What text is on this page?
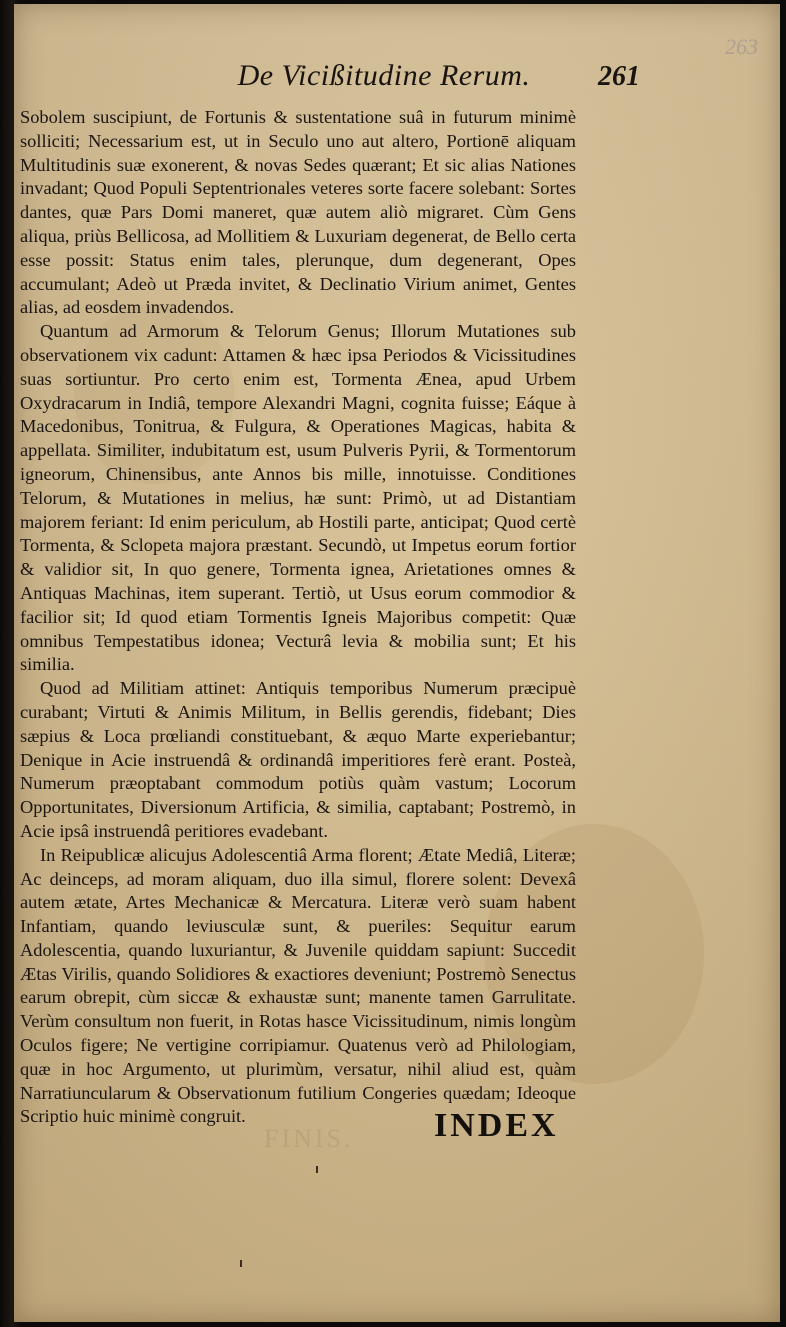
De Vicißitudine Rerum.	261
263

Sobolem suscipiunt, de Fortunis & sustentatione suâ in futurum minimè solliciti; Necessarium est, ut in Seculo uno aut altero, Portionē aliquam Multitudinis suæ exonerent, & novas Sedes quærant; Et sic alias Nationes invadant; Quod Populi Septentrionales veteres sorte facere solebant: Sortes dantes, quæ Pars Domi maneret, quæ autem aliò migraret. Cùm Gens aliqua, priùs Bellicosa, ad Mollitiem & Luxuriam degenerat, de Bello certa esse possit: Status enim tales, plerunque, dum degenerant, Opes accumulant; Adeò ut Præda invitet, & Declinatio Virium animet, Gentes alias, ad eosdem invadendos.

Quantum ad Armorum & Telorum Genus; Illorum Mutationes sub observationem vix cadunt: Attamen & hæc ipsa Periodos & Vicissitudines suas sortiuntur. Pro certo enim est, Tormenta Ænea, apud Urbem Oxydracarum in Indiâ, tempore Alexandri Magni, cognita fuisse; Eáque à Macedonibus, Tonitrua, & Fulgura, & Operationes Magicas, habita & appellata. Similiter, indubitatum est, usum Pulveris Pyrii, & Tormentorum igneorum, Chinensibus, ante Annos bis mille, innotuisse. Conditiones Telorum, & Mutationes in melius, hæ sunt: Primò, ut ad Distantiam majorem feriant: Id enim periculum, ab Hostili parte, anticipat; Quod certè Tormenta, & Sclopeta majora præstant. Secundò, ut Impetus eorum fortior & validior sit, In quo genere, Tormenta ignea, Arietationes omnes & Antiquas Machinas, item superant. Tertiò, ut Usus eorum commodior & facilior sit; Id quod etiam Tormentis Igneis Majoribus competit: Quæ omnibus Tempestatibus idonea; Vecturâ levia & mobilia sunt; Et his similia.

Quod ad Militiam attinet: Antiquis temporibus Numerum præcipuè curabant; Virtuti & Animis Militum, in Bellis gerendis, fidebant; Dies sæpius & Loca prœliandi constituebant, & æquo Marte experiebantur; Denique in Acie instruendâ & ordinandâ imperitiores ferè erant. Posteà, Numerum præoptabant commodum potiùs quàm vastum; Locorum Opportunitates, Diversionum Artificia, & similia, captabant; Postremò, in Acie ipsâ instruendâ peritiores evadebant.

In Reipublicæ alicujus Adolescentiâ Arma florent; Ætate Mediâ, Literæ; Ac deinceps, ad moram aliquam, duo illa simul, florere solent: Devexâ autem ætate, Artes Mechanicæ & Mercatura. Literæ verò suam habent Infantiam, quando leviusculæ sunt, & pueriles: Sequitur earum Adolescentia, quando luxuriantur, & Juvenile quiddam sapiunt: Succedit Ætas Virilis, quando Solidiores & exactiores deveniunt; Postremò Senectus earum obrepit, cùm siccæ & exhaustæ sunt; manente tamen Garrulitate. Verùm consultum non fuerit, in Rotas hasce Vicissitudinum, nimis longùm Oculos figere; Ne vertigine corripiamur. Quatenus verò ad Philologiam, quæ in hoc Argumento, ut plurimùm, versatur, nihil aliud est, quàm Narratiuncularum & Observationum futilium Congeries quædam; Ideoque Scriptio huic minimè congruit.

FINIS. INDEX
